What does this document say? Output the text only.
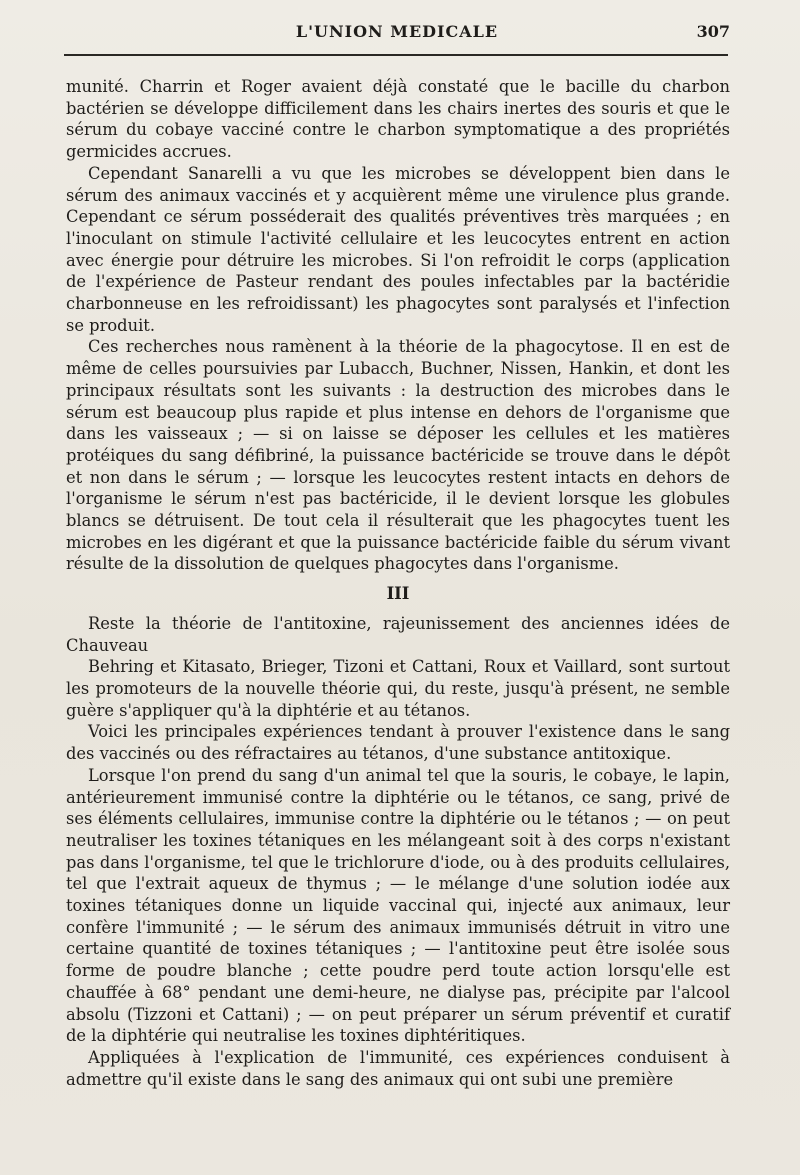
L'UNION MEDICALE	307

munité. Charrin et Roger avaient déjà constaté que le bacille du charbon bactérien se développe difficilement dans les chairs inertes des souris et que le sérum du cobaye vacciné contre le charbon symptomatique a des propriétés germicides accrues.

Cependant Sanarelli a vu que les microbes se développent bien dans le sérum des animaux vaccinés et y acquièrent même une virulence plus grande. Cependant ce sérum posséderait des qualités préventives très marquées ; en l'inoculant on stimule l'activité cellulaire et les leucocytes entrent en action avec énergie pour détruire les microbes. Si l'on refroidit le corps (application de l'expérience de Pasteur rendant des poules infectables par la bactéridie charbonneuse en les refroidissant) les phagocytes sont paralysés et l'infection se produit.

Ces recherches nous ramènent à la théorie de la phagocytose. Il en est de même de celles poursuivies par Lubacch, Buchner, Nissen, Hankin, et dont les principaux résultats sont les suivants : la destruction des microbes dans le sérum est beaucoup plus rapide et plus intense en dehors de l'organisme que dans les vaisseaux ; — si on laisse se déposer les cellules et les matières protéiques du sang défibriné, la puissance bactéricide se trouve dans le dépôt et non dans le sérum ; — lorsque les leucocytes restent intacts en dehors de l'organisme le sérum n'est pas bactéricide, il le devient lorsque les globules blancs se détruisent. De tout cela il résulterait que les phagocytes tuent les microbes en les digérant et que la puissance bactéricide faible du sérum vivant résulte de la dissolution de quelques phagocytes dans l'organisme.

III

Reste la théorie de l'antitoxine, rajeunissement des anciennes idées de Chauveau

Behring et Kitasato, Brieger, Tizoni et Cattani, Roux et Vaillard, sont surtout les promoteurs de la nouvelle théorie qui, du reste, jusqu'à présent, ne semble guère s'appliquer qu'à la diphtérie et au tétanos.

Voici les principales expériences tendant à prouver l'existence dans le sang des vaccinés ou des réfractaires au tétanos, d'une substance antitoxique.

Lorsque l'on prend du sang d'un animal tel que la souris, le cobaye, le lapin, antérieurement immunisé contre la diphtérie ou le tétanos, ce sang, privé de ses éléments cellulaires, immunise contre la diphtérie ou le tétanos ; — on peut neutraliser les toxines tétaniques en les mélangeant soit à des corps n'existant pas dans l'organisme, tel que le trichlorure d'iode, ou à des produits cellulaires, tel que l'extrait aqueux de thymus ; — le mélange d'une solution iodée aux toxines tétaniques donne un liquide vaccinal qui, injecté aux animaux, leur confère l'immunité ; — le sérum des animaux immunisés détruit in vitro une certaine quantité de toxines tétaniques ; — l'antitoxine peut être isolée sous forme de poudre blanche ; cette poudre perd toute action lorsqu'elle est chauffée à 68° pendant une demi-heure, ne dialyse pas, précipite par l'alcool absolu (Tizzoni et Cattani) ; — on peut préparer un sérum préventif et curatif de la diphtérie qui neutralise les toxines diphtéritiques.

Appliquées à l'explication de l'immunité, ces expériences conduisent à admettre qu'il existe dans le sang des animaux qui ont subi une première
